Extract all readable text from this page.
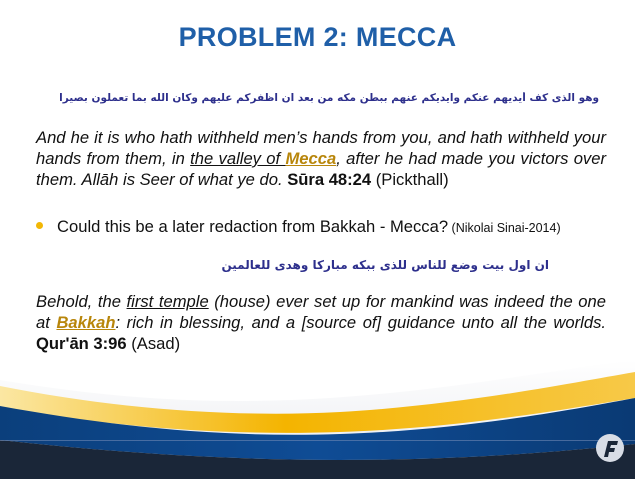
PROBLEM 2: MECCA
وهو الذى كف أيديهم عنكم وايديكم عنهم ببطن مكه من بعد ان اظفركم عليهم وكان الله بما تعملون بصيرا
And he it is who hath withheld men’s hands from you, and hath withheld your hands from them, in the valley of Mecca, after he had made you victors over them. Allāh is Seer of what ye do. Sūra 48:24 (Pickthall)
Could this be a later redaction from Bakkah - Mecca? (Nikolai Sinai-2014)
ان اول بيت وضع للناس للذى ببكه مباركا وهدى للعالمين
Behold, the first temple (house) ever set up for mankind was indeed the one at Bakkah: rich in blessing, and a [source of] guidance unto all the worlds. Qur'ān 3:96 (Asad)
